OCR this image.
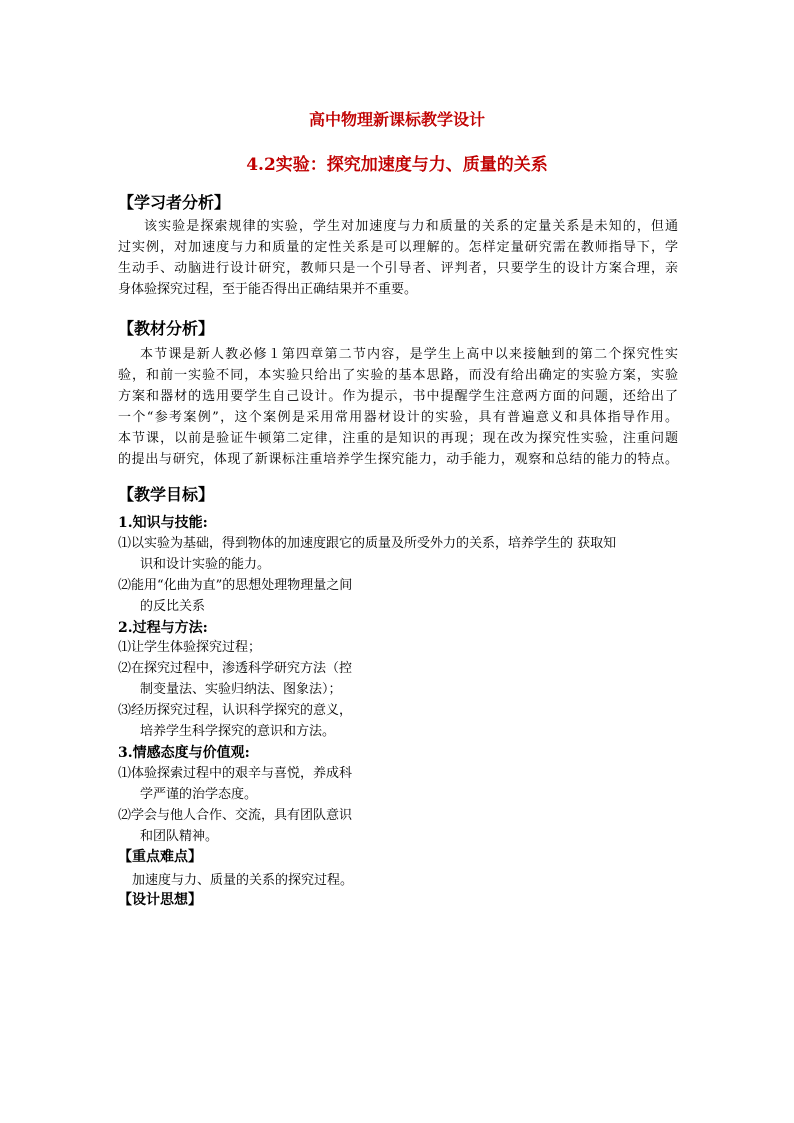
高中物理新课标教学设计
4.2实验：探究加速度与力、质量的关系
【学习者分析】
该实验是探索规律的实验，学生对加速度与力和质量的关系的定量关系是未知的，但通
过实例，对加速度与力和质量的定性关系是可以理解的。怎样定量研究需在教师指导下，学
生动手、动脑进行设计研究，教师只是一个引导者、评判者，只要学生的设计方案合理，亲
身体验探究过程，至于能否得出正确结果并不重要。
【教材分析】
本节课是新人教必修１第四章第二节内容，是学生上高中以来接触到的第二个探究性实
验，和前一实验不同，本实验只给出了实验的基本思路，而没有给出确定的实验方案，实验
方案和器材的选用要学生自己设计。作为提示，书中提醒学生注意两方面的问题，还给出了
一个“参考案例”，这个案例是采用常用器材设计的实验，具有普遍意义和具体指导作用。
本节课，以前是验证牛顿第二定律，注重的是知识的再现；现在改为探究性实验，注重问题
的提出与研究，体现了新课标注重培养学生探究能力，动手能力，观察和总结的能力的特点。
【教学目标】
1.知识与技能:
⑴以实验为基础，得到物体的加速度跟它的质量及所受外力的关系，培养学生的 获取知
识和设计实验的能力。
⑵能用“化曲为直”的思想处理物理量之间
的反比关系
2.过程与方法:
⑴让学生体验探究过程；
⑵在探究过程中，渗透科学研究方法（控
制变量法、实验归纳法、图象法）；
⑶经历探究过程，认识科学探究的意义，
培养学生科学探究的意识和方法。
3.情感态度与价值观:
⑴体验探索过程中的艰辛与喜悦，养成科
学严谨的治学态度。
⑵学会与他人合作、交流，具有团队意识
和团队精神。
【重点难点】
加速度与力、质量的关系的探究过程。
【设计思想】
